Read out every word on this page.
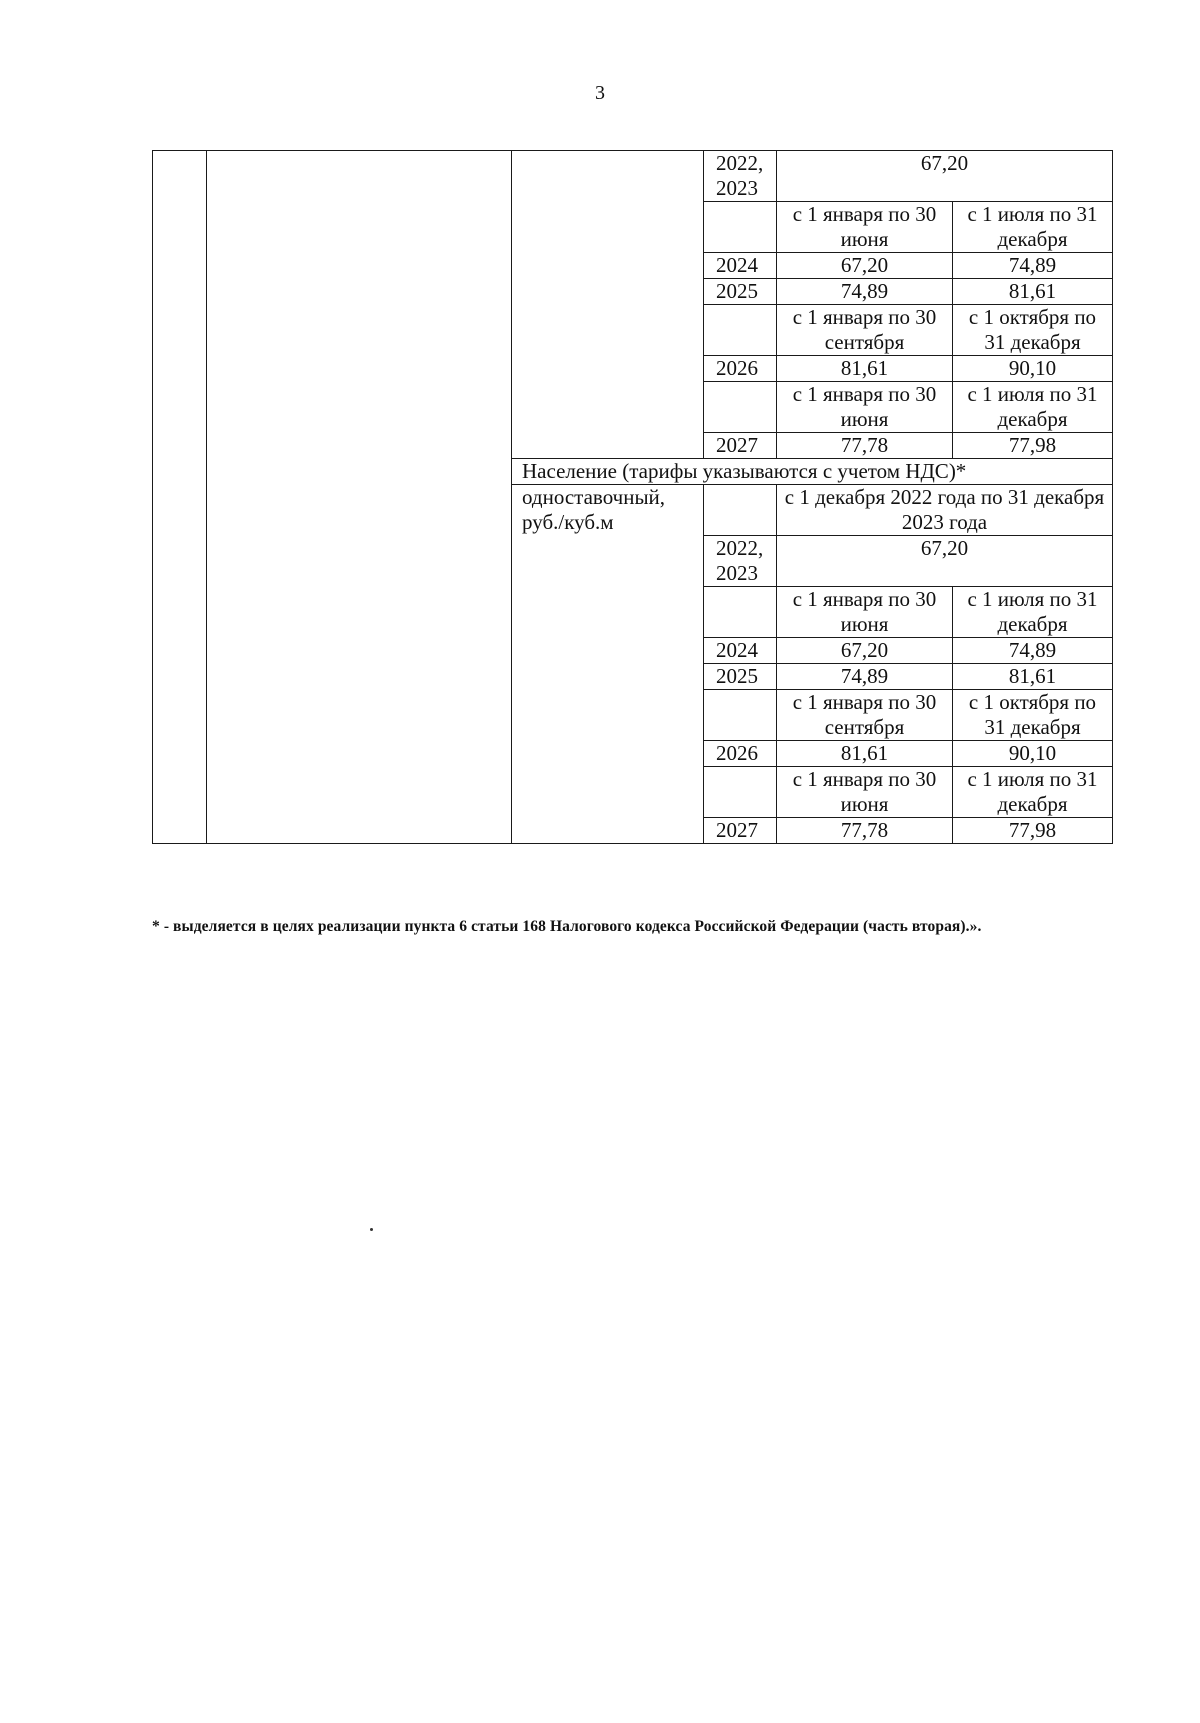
3
			2022, 2023	67,20	
				с 1 января по 30 июня	с 1 июля по 31 декабря
			2024	67,20	74,89
			2025	74,89	81,61
				с 1 января по 30 сентября	с 1 октября по 31 декабря
			2026	81,61	90,10
				с 1 января по 30 июня	с 1 июля по 31 декабря
			2027	77,78	77,98
		Население (тарифы указываются с учетом НДС)*			
		одноставочный, руб./куб.м		с 1 декабря 2022 года по 31 декабря 2023 года	
			2022, 2023	67,20	
				с 1 января по 30 июня	с 1 июля по 31 декабря
			2024	67,20	74,89
			2025	74,89	81,61
				с 1 января по 30 сентября	с 1 октября по 31 декабря
			2026	81,61	90,10
				с 1 января по 30 июня	с 1 июля по 31 декабря
			2027	77,78	77,98
* - выделяется в целях реализации пункта 6 статьи 168 Налогового кодекса Российской Федерации (часть вторая).».
